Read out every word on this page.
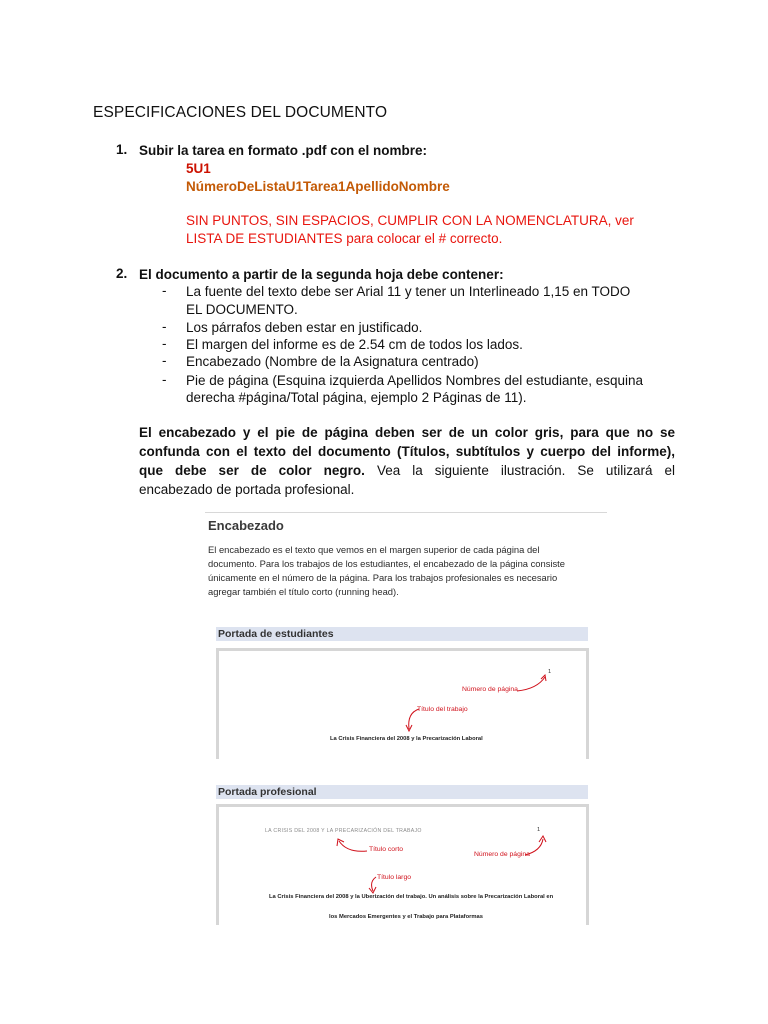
ESPECIFICACIONES DEL DOCUMENTO
1. Subir la tarea en formato .pdf con el nombre:
5U1
NúmeroDeListaU1Tarea1ApellidoNombre
SIN PUNTOS, SIN ESPACIOS, CUMPLIR CON LA NOMENCLATURA, ver
LISTA DE ESTUDIANTES para colocar el # correcto.
2. El documento a partir de la segunda hoja debe contener:
- La fuente del texto debe ser Arial 11 y tener un Interlineado 1,15 en TODO
EL DOCUMENTO.
- Los párrafos deben estar en justificado.
- El margen del informe es de 2.54 cm de todos los lados.
- Encabezado (Nombre de la Asignatura centrado)
- Pie de página (Esquina izquierda Apellidos Nombres del estudiante, esquina
derecha #página/Total página, ejemplo 2 Páginas de 11).
El encabezado y el pie de página deben ser de un color gris, para que no se
confunda con el texto del documento (Títulos, subtítulos y cuerpo del informe),
que debe ser de color negro. Vea la siguiente ilustración. Se utilizará el
encabezado de portada profesional.
Encabezado
El encabezado es el texto que vemos en el margen superior de cada página del
documento. Para los trabajos de los estudiantes, el encabezado de la página consiste
únicamente en el número de la página. Para los trabajos profesionales es necesario
agregar también el título corto (running head).
Portada de estudiantes
1
Número de página
Título del trabajo
La Crisis Financiera del 2008 y la Precarización Laboral
Portada profesional
LA CRISIS DEL 2008 Y LA PRECARIZACIÓN DEL TRABAJO	1
Título corto
Número de página
Título largo
La Crisis Financiera del 2008 y la Uberización del trabajo. Un análisis sobre la Precarización Laboral en
los Mercados Emergentes y el Trabajo para Plataformas
